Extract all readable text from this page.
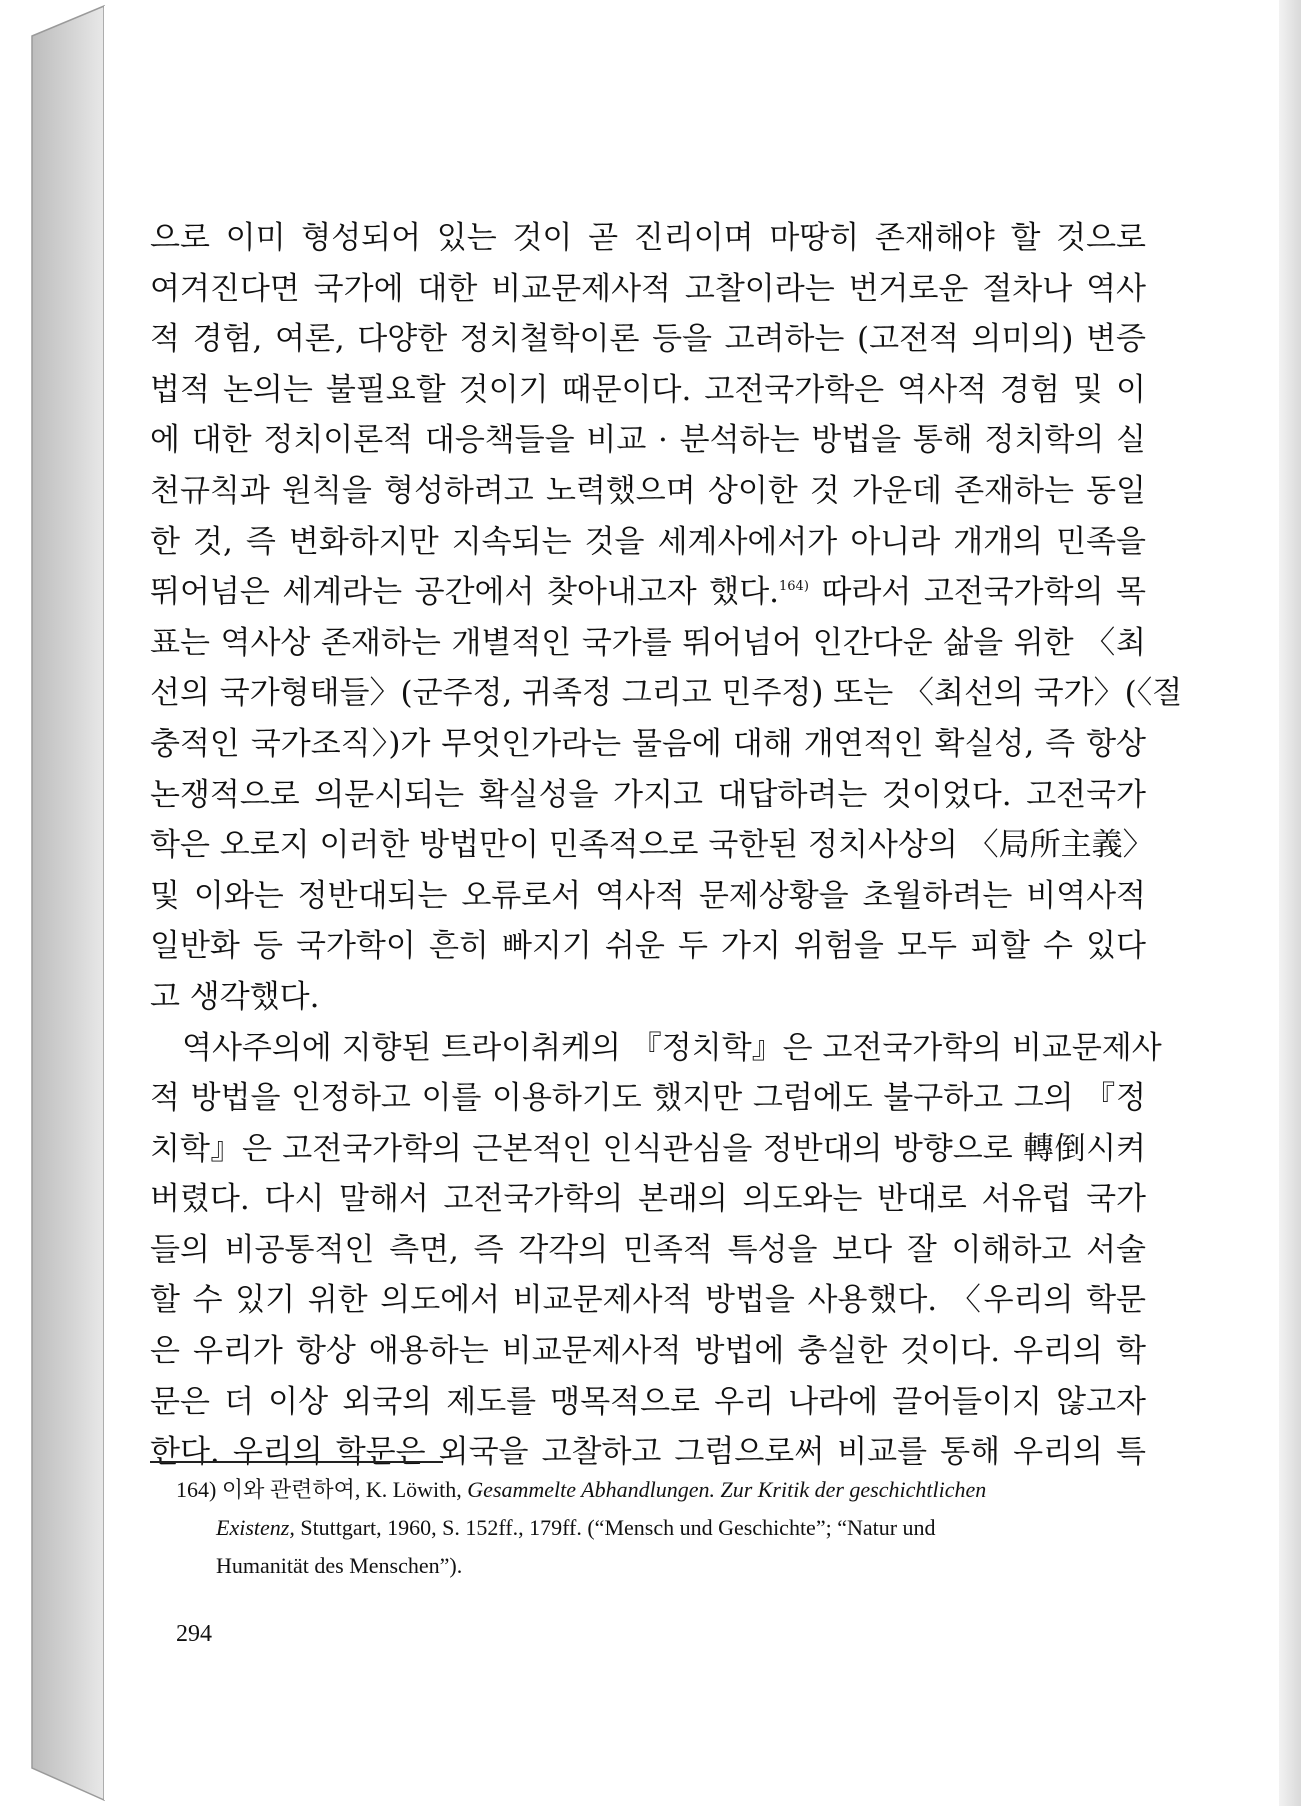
으로 이미 형성되어 있는 것이 곧 진리이며 마땅히 존재해야 할 것으로
여겨진다면 국가에 대한 비교문제사적 고찰이라는 번거로운 절차나 역사
적 경험, 여론, 다양한 정치철학이론 등을 고려하는 (고전적 의미의) 변증
법적 논의는 불필요할 것이기 때문이다. 고전국가학은 역사적 경험 및 이
에 대한 정치이론적 대응책들을 비교 · 분석하는 방법을 통해 정치학의 실
천규칙과 원칙을 형성하려고 노력했으며 상이한 것 가운데 존재하는 동일
한 것, 즉 변화하지만 지속되는 것을 세계사에서가 아니라 개개의 민족을
뛰어넘은 세계라는 공간에서 찾아내고자 했다.$^{164)}$ 따라서 고전국가학의 목
표는 역사상 존재하는 개별적인 국가를 뛰어넘어 인간다운 삶을 위한 〈최
선의 국가형태들〉(군주정, 귀족정 그리고 민주정) 또는 〈최선의 국가〉(〈절
충적인 국가조직〉)가 무엇인가라는 물음에 대해 개연적인 확실성, 즉 항상
논쟁적으로 의문시되는 확실성을 가지고 대답하려는 것이었다. 고전국가
학은 오로지 이러한 방법만이 민족적으로 국한된 정치사상의 〈局所主義〉
및 이와는 정반대되는 오류로서 역사적 문제상황을 초월하려는 비역사적
일반화 등 국가학이 흔히 빠지기 쉬운 두 가지 위험을 모두 피할 수 있다
고 생각했다.
역사주의에 지향된 트라이취케의 『정치학』은 고전국가학의 비교문제사
적 방법을 인정하고 이를 이용하기도 했지만 그럼에도 불구하고 그의 『정
치학』은 고전국가학의 근본적인 인식관심을 정반대의 방향으로 轉倒시켜
버렸다. 다시 말해서 고전국가학의 본래의 의도와는 반대로 서유럽 국가
들의 비공통적인 측면, 즉 각각의 민족적 특성을 보다 잘 이해하고 서술
할 수 있기 위한 의도에서 비교문제사적 방법을 사용했다. 〈우리의 학문
은 우리가 항상 애용하는 비교문제사적 방법에 충실한 것이다. 우리의 학
문은 더 이상 외국의 제도를 맹목적으로 우리 나라에 끌어들이지 않고자
한다. 우리의 학문은 외국을 고찰하고 그럼으로써 비교를 통해 우리의 특
164) 이와 관련하여, K. Löwith, Gesammelte Abhandlungen. Zur Kritik der geschichtlichen
Existenz, Stuttgart, 1960, S. 152ff., 179ff. (“Mensch und Geschichte”; “Natur und
Humanität des Menschen”).
294
